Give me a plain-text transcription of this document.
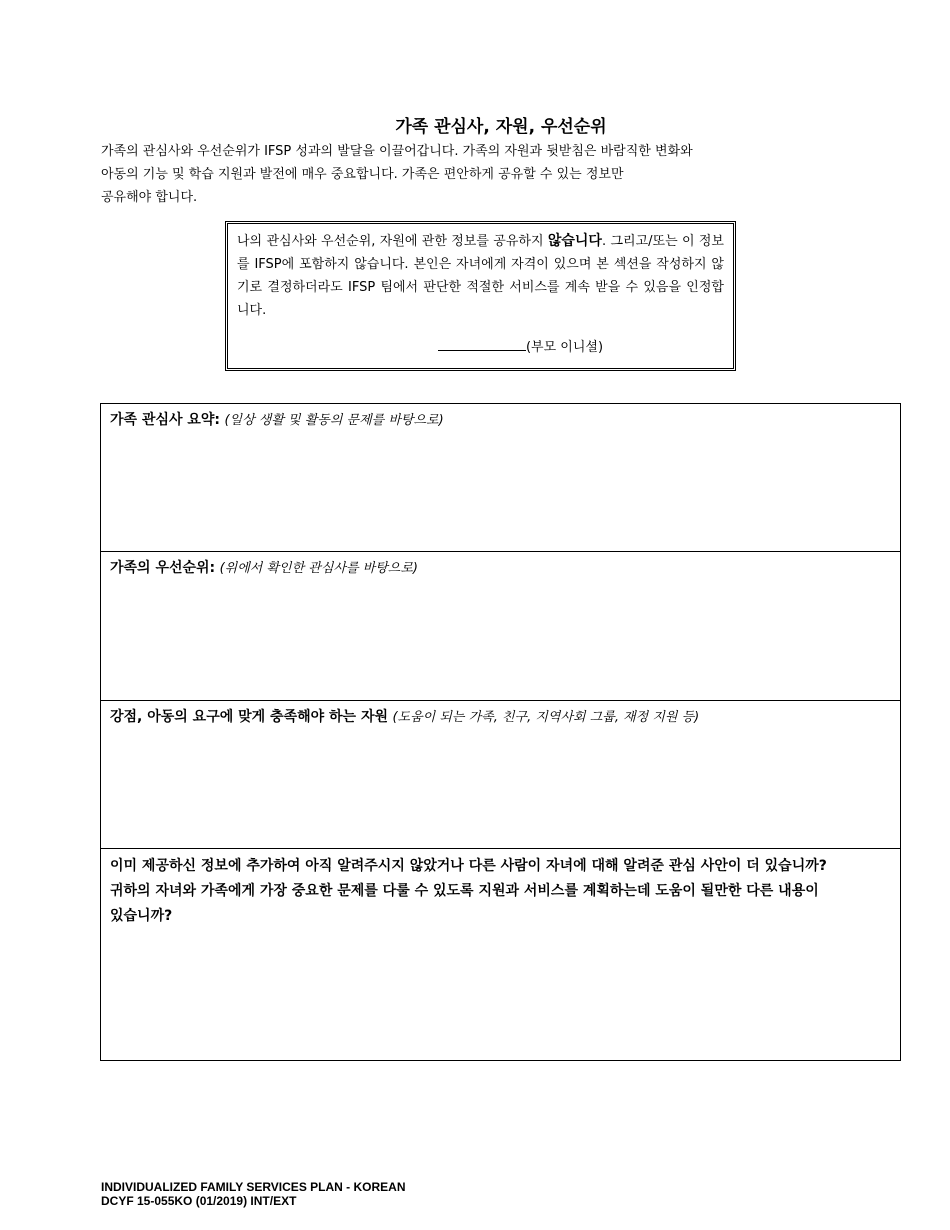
가족 관심사, 자원, 우선순위

가족의 관심사와 우선순위가 IFSP 성과의 발달을 이끌어갑니다. 가족의 자원과 뒷받침은 바람직한 변화와
아동의 기능 및 학습 지원과 발전에 매우 중요합니다. 가족은 편안하게 공유할 수 있는 정보만
공유해야 합니다.

나의 관심사와 우선순위, 자원에 관한 정보를 공유하지 않습니다. 그리고/또는 이 정보를 IFSP에 포함하지 않습니다. 본인은 자녀에게 자격이 있으며 본 섹션을 작성하지 않기로 결정하더라도 IFSP 팀에서 판단한 적절한 서비스를 계속 받을 수 있음을 인정합니다.

(부모 이니셜)
가족 관심사 요약: (일상 생활 및 활동의 문제를 바탕으로)
가족의 우선순위: (위에서 확인한 관심사를 바탕으로)
강점, 아동의 요구에 맞게 충족해야 하는 자원 (도움이 되는 가족, 친구, 지역사회 그룹, 재정 지원 등)
이미 제공하신 정보에 추가하여 아직 알려주시지 않았거나 다른 사람이 자녀에 대해 알려준 관심 사안이 더 있습니까?
귀하의 자녀와 가족에게 가장 중요한 문제를 다룰 수 있도록 지원과 서비스를 계획하는데 도움이 될만한 다른 내용이
있습니까?
INDIVIDUALIZED FAMILY SERVICES PLAN - KOREAN
DCYF 15-055KO (01/2019) INT/EXT
